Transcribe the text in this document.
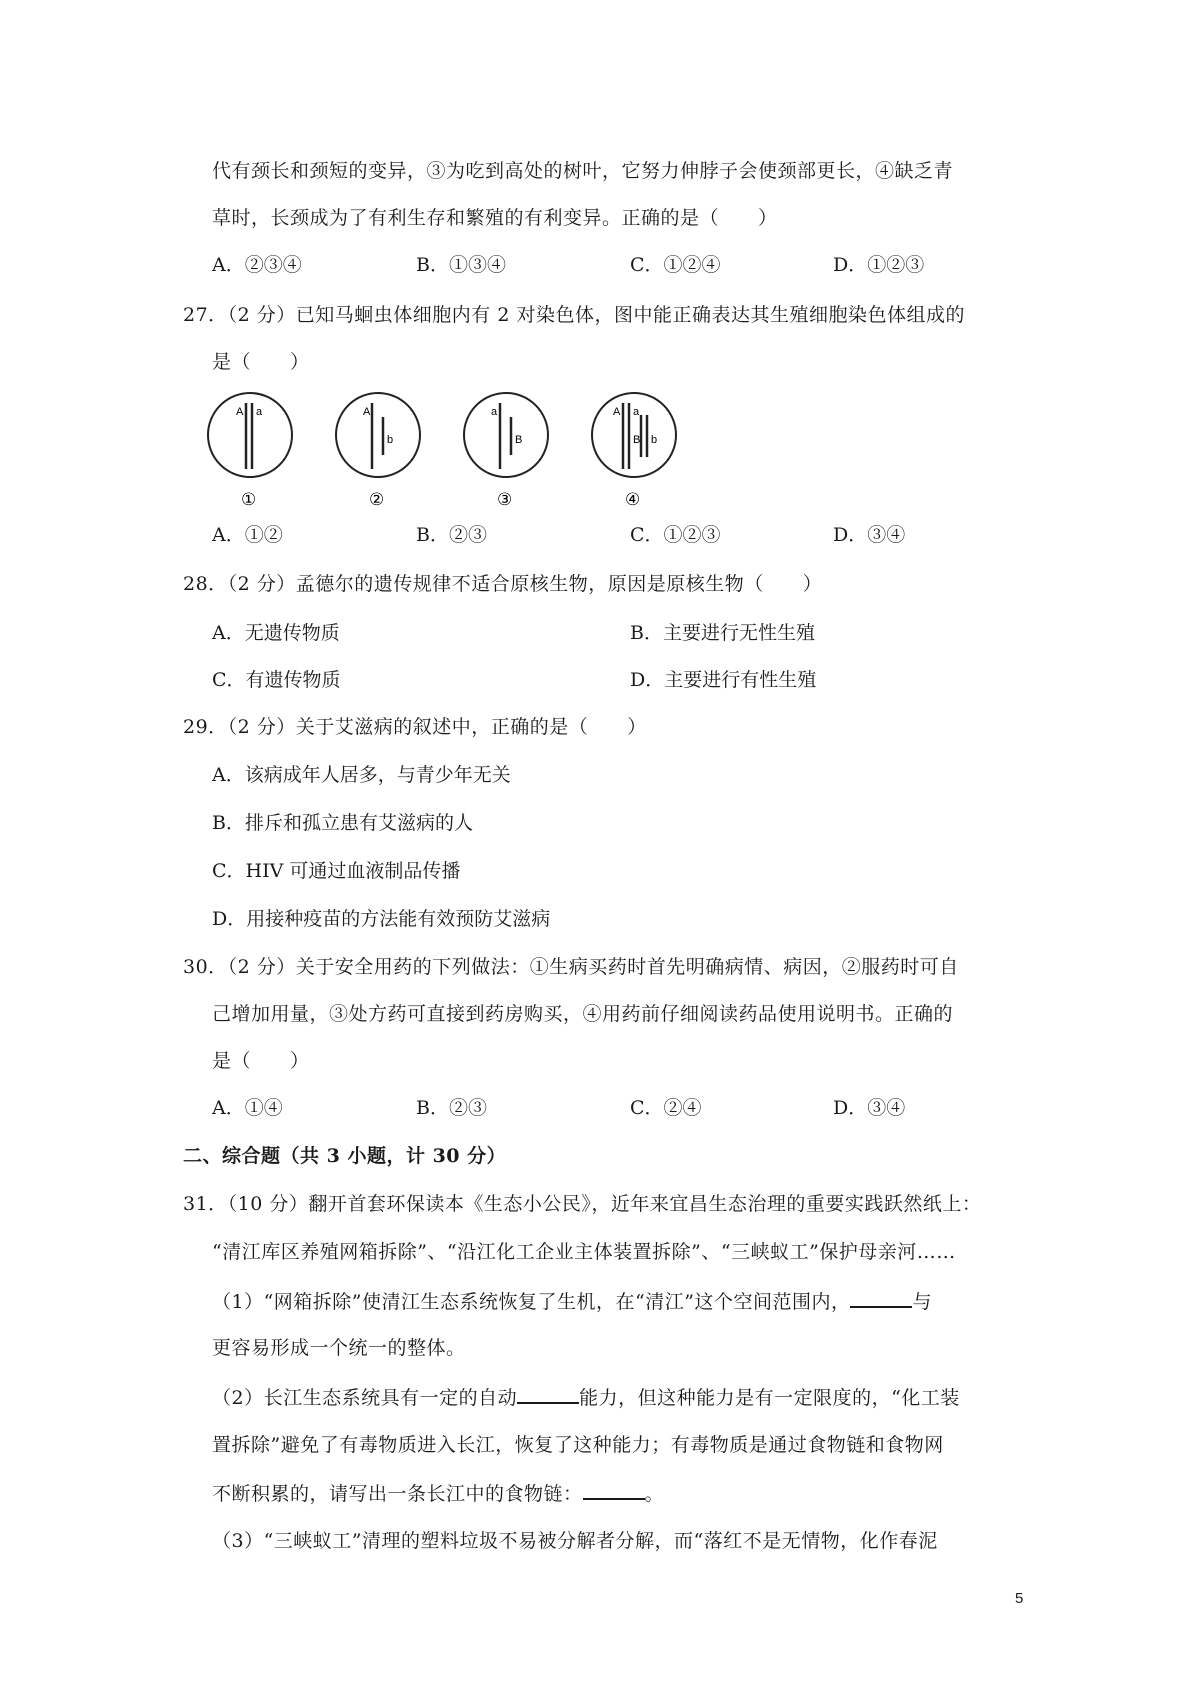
代有颈长和颈短的变异，③为吃到高处的树叶，它努力伸脖子会使颈部更长，④缺乏青
草时，长颈成为了有利生存和繁殖的有利变异。正确的是（　　）
A．②③④	B．①③④	C．①②④	D．①②③
27．（2 分）已知马蛔虫体细胞内有 2 对染色体，图中能正确表达其生殖细胞染色体组成的
是（　　）
A a
①
A
b
②
a
B
③
A a
B b
④
A．①②	B．②③	C．①②③	D．③④
28．（2 分）孟德尔的遗传规律不适合原核生物，原因是原核生物（　　）
A．无遗传物质	B．主要进行无性生殖
C．有遗传物质	D．主要进行有性生殖
29．（2 分）关于艾滋病的叙述中，正确的是（　　）
A．该病成年人居多，与青少年无关
B．排斥和孤立患有艾滋病的人
C．HIV 可通过血液制品传播
D．用接种疫苗的方法能有效预防艾滋病
30．（2 分）关于安全用药的下列做法：①生病买药时首先明确病情、病因，②服药时可自
己增加用量，③处方药可直接到药房购买，④用药前仔细阅读药品使用说明书。正确的
是（　　）
A．①④	B．②③	C．②④	D．③④
二、综合题（共 3 小题，计 30 分）
31．（10 分）翻开首套环保读本《生态小公民》，近年来宜昌生态治理的重要实践跃然纸上：
“清江库区养殖网箱拆除”、“沿江化工企业主体装置拆除”、“三峡蚁工”保护母亲河……
（1）“网箱拆除”使清江生态系统恢复了生机，在“清江”这个空间范围内，	与
更容易形成一个统一的整体。
（2）长江生态系统具有一定的自动	能力，但这种能力是有一定限度的，“化工装
置拆除”避免了有毒物质进入长江，恢复了这种能力；有毒物质是通过食物链和食物网
不断积累的，请写出一条长江中的食物链：	。
（3）“三峡蚁工”清理的塑料垃圾不易被分解者分解，而“落红不是无情物，化作春泥
5
